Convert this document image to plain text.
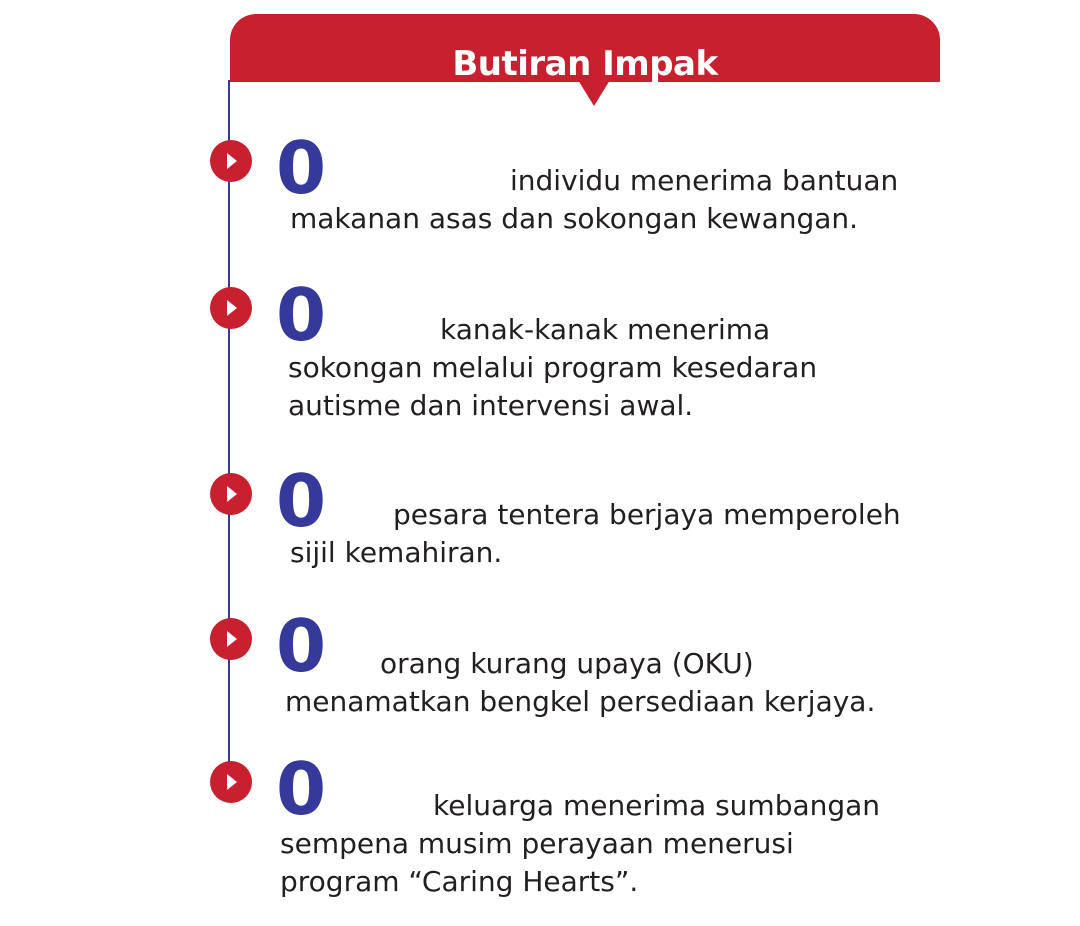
Butiran Impak
0	individu menerima bantuan
makanan asas dan sokongan kewangan.
0	kanak-kanak menerima
sokongan melalui program kesedaran
autisme dan intervensi awal.
0 pesara tentera berjaya memperoleh
sijil kemahiran.
0 orang kurang upaya (OKU)
menamatkan bengkel persediaan kerjaya.
0	keluarga menerima sumbangan
sempena musim perayaan menerusi
program “Caring Hearts”.
